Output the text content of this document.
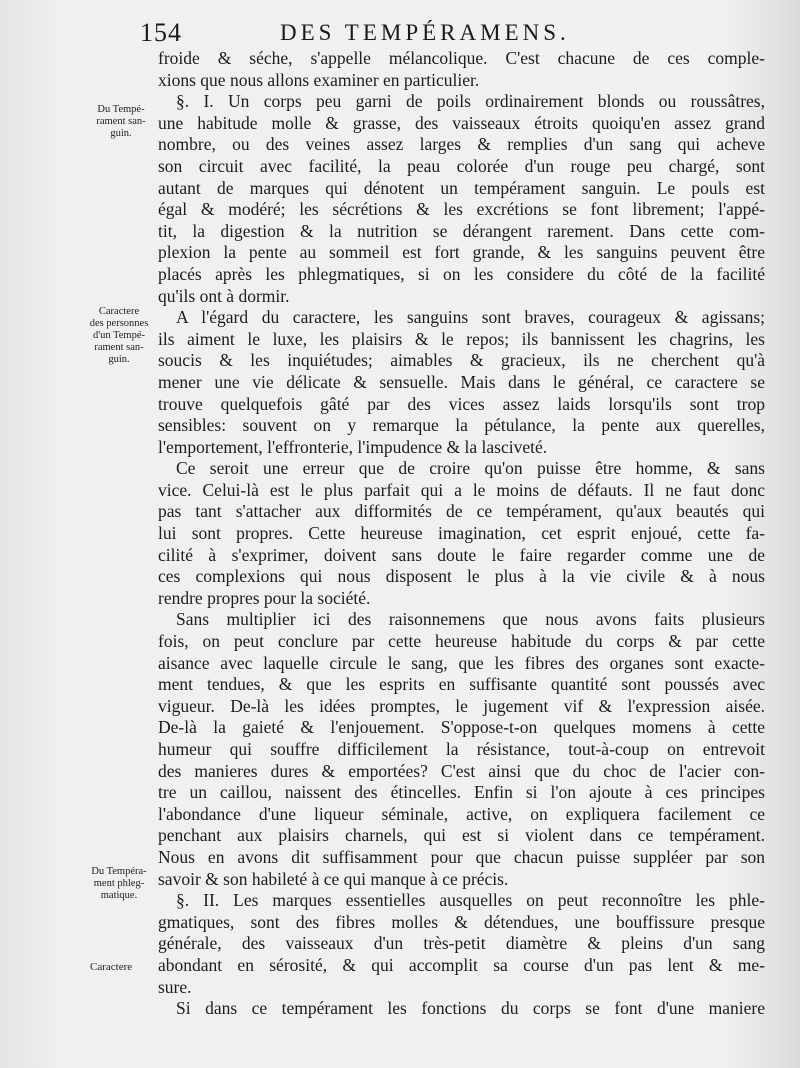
154	DES TEMPÉRAMENS.
Du Tempé-
rament san-
guin.
Caractere
des personnes
d'un Tempé-
rament san-
guin.
Du Tempéra-
ment phleg-
matique.
froide & séche, s'appelle mélancolique. C'est chacune de ces comple-
xions que nous allons examiner en particulier.
§. I. Un corps peu garni de poils ordinairement blonds ou roussâtres,
une habitude molle & grasse, des vaisseaux étroits quoiqu'en assez grand
nombre, ou des veines assez larges & remplies d'un sang qui acheve
son circuit avec facilité, la peau colorée d'un rouge peu chargé, sont
autant de marques qui dénotent un tempérament sanguin. Le pouls est
égal & modéré; les sécrétions & les excrétions se font librement; l'appé-
tit, la digestion & la nutrition se dérangent rarement. Dans cette com-
plexion la pente au sommeil est fort grande, & les sanguins peuvent être
placés après les phlegmatiques, si on les considere du côté de la facilité
qu'ils ont à dormir.
A l'égard du caractere, les sanguins sont braves, courageux & agissans;
ils aiment le luxe, les plaisirs & le repos; ils bannissent les chagrins, les
soucis & les inquiétudes; aimables & gracieux, ils ne cherchent qu'à
mener une vie délicate & sensuelle. Mais dans le général, ce caractere se
trouve quelquefois gâté par des vices assez laids lorsqu'ils sont trop
sensibles: souvent on y remarque la pétulance, la pente aux querelles,
l'emportement, l'effronterie, l'impudence & la lasciveté.
Ce seroit une erreur que de croire qu'on puisse être homme, & sans
vice. Celui-là est le plus parfait qui a le moins de défauts. Il ne faut donc
pas tant s'attacher aux difformités de ce tempérament, qu'aux beautés qui
lui sont propres. Cette heureuse imagination, cet esprit enjoué, cette fa-
cilité à s'exprimer, doivent sans doute le faire regarder comme une de
ces complexions qui nous disposent le plus à la vie civile & à nous
rendre propres pour la société.
Sans multiplier ici des raisonnemens que nous avons faits plusieurs
fois, on peut conclure par cette heureuse habitude du corps & par cette
aisance avec laquelle circule le sang, que les fibres des organes sont exacte-
ment tendues, & que les esprits en suffisante quantité sont poussés avec
vigueur. De-là les idées promptes, le jugement vif & l'expression aisée.
De-là la gaieté & l'enjouement. S'oppose-t-on quelques momens à cette
humeur qui souffre difficilement la résistance, tout-à-coup on entrevoit
des manieres dures & emportées? C'est ainsi que du choc de l'acier con-
tre un caillou, naissent des étincelles. Enfin si l'on ajoute à ces principes
l'abondance d'une liqueur séminale, active, on expliquera facilement ce
penchant aux plaisirs charnels, qui est si violent dans ce tempérament.
Nous en avons dit suffisamment pour que chacun puisse suppléer par son
savoir & son habileté à ce qui manque à ce précis.
§. II. Les marques essentielles ausquelles on peut reconnoître les phle-
gmatiques, sont des fibres molles & détendues, une bouffissure presque
générale, des vaisseaux d'un très-petit diamètre & pleins d'un sang
abondant en sérosité, & qui accomplit sa course d'un pas lent & me-
sure.
Si dans ce tempérament les fonctions du corps se font d'une maniere
Caractere
